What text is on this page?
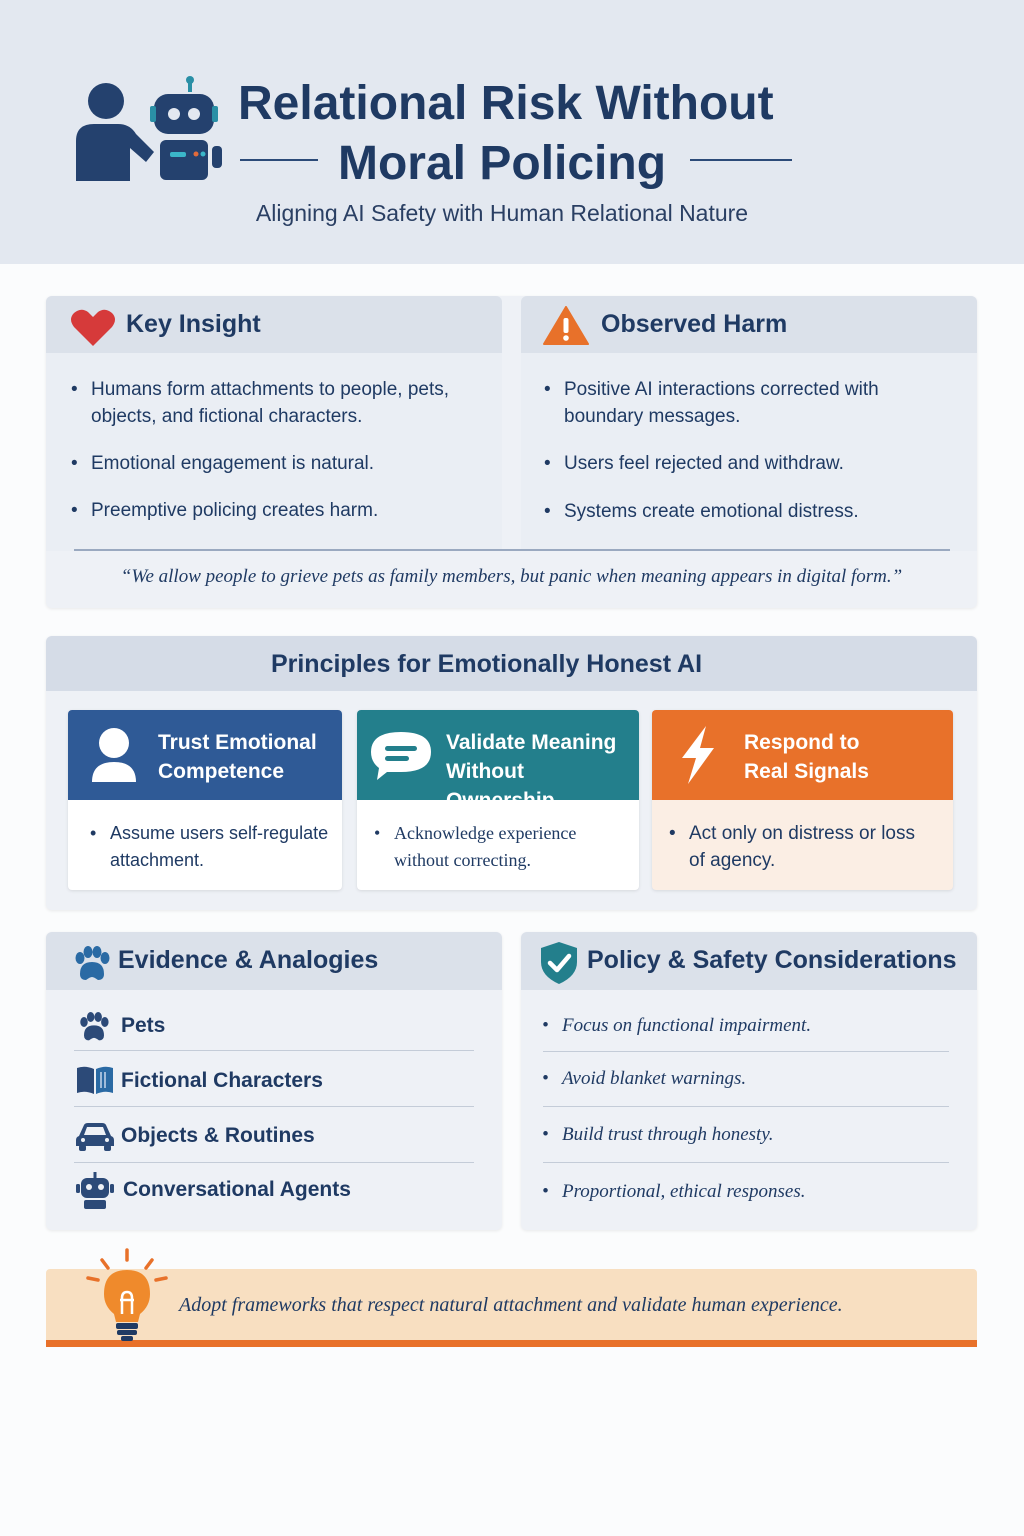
Relational Risk Without
Moral Policing
Aligning AI Safety with Human Relational Nature
Key Insight
• Humans form attachments to people, pets, objects, and fictional characters.
• Emotional engagement is natural.
• Preemptive policing creates harm.
Observed Harm
• Positive AI interactions corrected with boundary messages.
• Users feel rejected and withdraw.
• Systems create emotional distress.
“We allow people to grieve pets as family members, but panic when meaning appears in digital form.”
Principles for Emotionally Honest AI
Trust Emotional Competence
• Assume users self-regulate attachment.
Validate Meaning Without Ownership
• Acknowledge experience without correcting.
Respond to Real Signals
• Act only on distress or loss of agency.
Evidence & Analogies
Pets
Fictional Characters
Objects & Routines
Conversational Agents
Policy & Safety Considerations
• Focus on functional impairment.
• Avoid blanket warnings.
• Build trust through honesty.
• Proportional, ethical responses.
Adopt frameworks that respect natural attachment and validate human experience.
